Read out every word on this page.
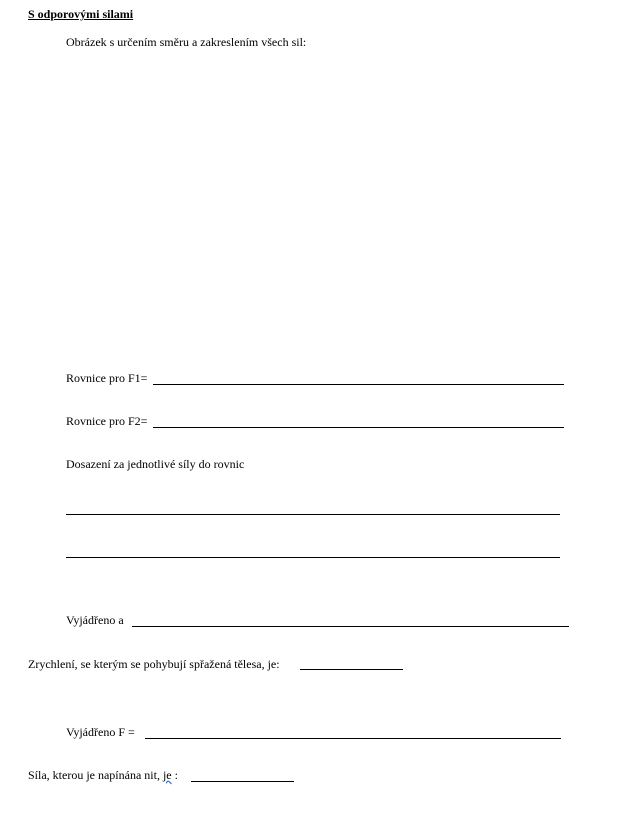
S odporovými silami
Obrázek s určením směru a zakreslením všech sil:
Rovnice pro F1=
Rovnice pro F2=
Dosazení za jednotlivé síly do rovnic
Vyjádřeno a
Zrychlení, se kterým se pohybují spřažená tělesa, je:
Vyjádřeno F =
Síla, kterou je napínána nit, je :
